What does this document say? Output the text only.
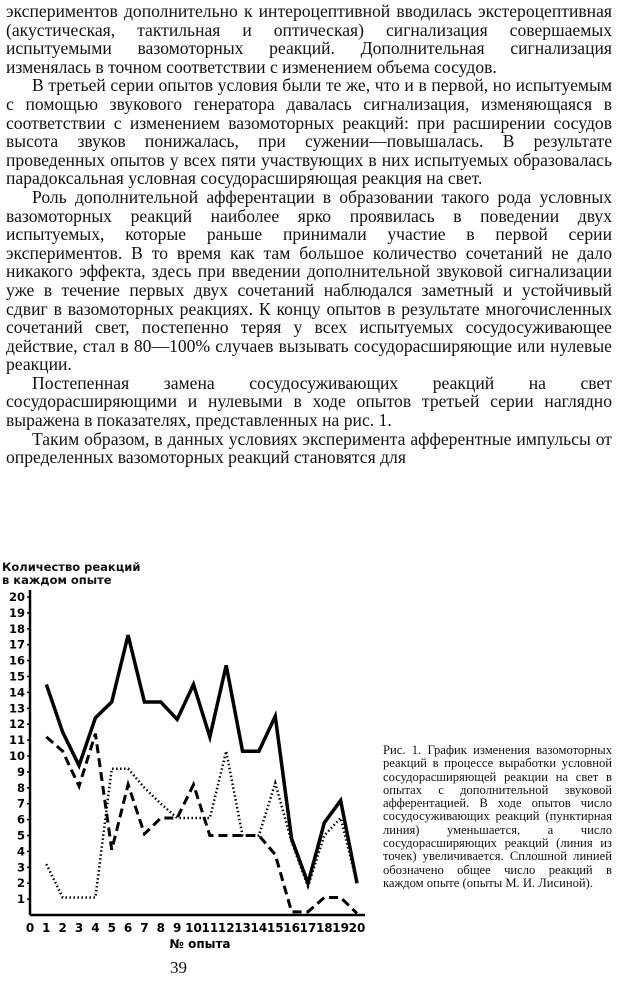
экспериментов дополнительно к интероцептивной вводилась экстероцептивная (акустическая, тактильная и оптическая) сигнализация совершаемых испытуемыми вазомоторных реакций. Дополнительная сигнализация изменялась в точном соответствии с изменением объема сосудов.

В третьей серии опытов условия были те же, что и в первой, но испытуемым с помощью звукового генератора давалась сигнализация, изменяющаяся в соответствии с изменением вазомоторных реакций: при расширении сосудов высота звуков понижалась, при сужении—повышалась. В результате проведенных опытов у всех пяти участвующих в них испытуемых образовалась парадоксальная условная сосудорасширяющая реакция на свет.

Роль дополнительной афферентации в образовании такого рода условных вазомоторных реакций наиболее ярко проявилась в поведении двух испытуемых, которые раньше принимали участие в первой серии экспериментов. В то время как там большое количество сочетаний не дало никакого эффекта, здесь при введении дополнительной звуковой сигнализации уже в течение первых двух сочетаний наблюдался заметный и устойчивый сдвиг в вазомоторных реакциях. К концу опытов в результате многочисленных сочетаний свет, постепенно теряя у всех испытуемых сосудосуживающее действие, стал в 80—100% случаев вызывать сосудорасширяющие или нулевые реакции.

Постепенная замена сосудосуживающих реакций на свет сосудорасширяющими и нулевыми в ходе опытов третьей серии наглядно выражена в показателях, представленных на рис. 1.

Таким образом, в данных условиях эксперимента афферентные импульсы от определенных вазомоторных реакций становятся для

Количество реакций
в каждом опыте
1
2
3
4
5
6
7
8
9
10
11
12
13
14
15
16
17
18
19
20
0 1 2 3 4 5 6 7 8 9 10 11 12 13 14 15 16 17 18 19 20
№ опыта
Рис. 1. График изменения вазомоторных реакций в процессе выработки условной сосудорасширяющей реакции на свет в опытах с дополнительной звуковой афферентацией. В ходе опытов число сосудосуживающих реакций (пунктирная линия) уменьшается, а число сосудорасширяющих реакций (линия из точек) увеличивается. Сплошной линией обозначено общее число реакций в каждом опыте (опыты М. И. Лисиной).
39
